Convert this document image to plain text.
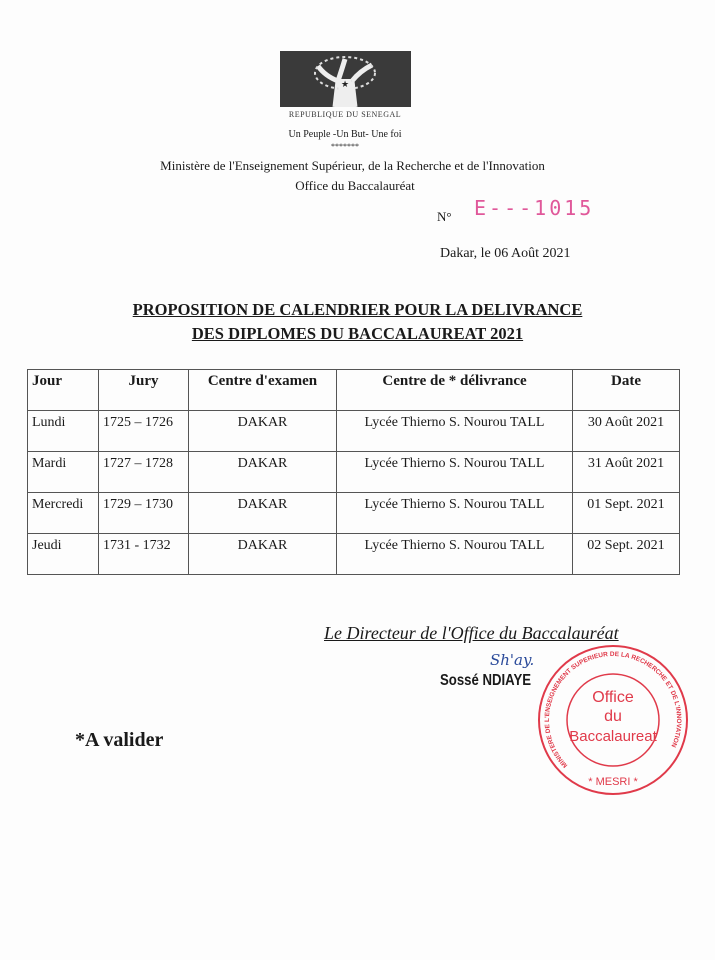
★
REPUBLIQUE DU SENEGAL
Un Peuple -Un But- Une foi
*******
Ministère de l'Enseignement Supérieur, de la Recherche et de l'Innovation
Office du Baccalauréat
N° E---1015
Dakar, le 06 Août 2021
PROPOSITION DE CALENDRIER POUR LA DELIVRANCE
DES DIPLOMES DU BACCALAUREAT 2021
Jour	Jury	Centre d'examen	Centre de * délivrance	Date
Lundi	1725 – 1726	DAKAR	Lycée Thierno S. Nourou TALL	30 Août 2021
Mardi	1727 – 1728	DAKAR	Lycée Thierno S. Nourou TALL	31 Août 2021
Mercredi	1729 – 1730	DAKAR	Lycée Thierno S. Nourou TALL	01 Sept. 2021
Jeudi	1731 - 1732	DAKAR	Lycée Thierno S. Nourou TALL	02 Sept. 2021
Le Directeur de l'Office du Baccalauréat
Sh'ay.
Sossé NDIAYE
MINISTERE DE L'ENSEIGNEMENT SUPERIEUR DE LA RECHERCHE ET DE L'INNOVATION
Office
du
Baccalaureat
* MESRI *
*A valider
